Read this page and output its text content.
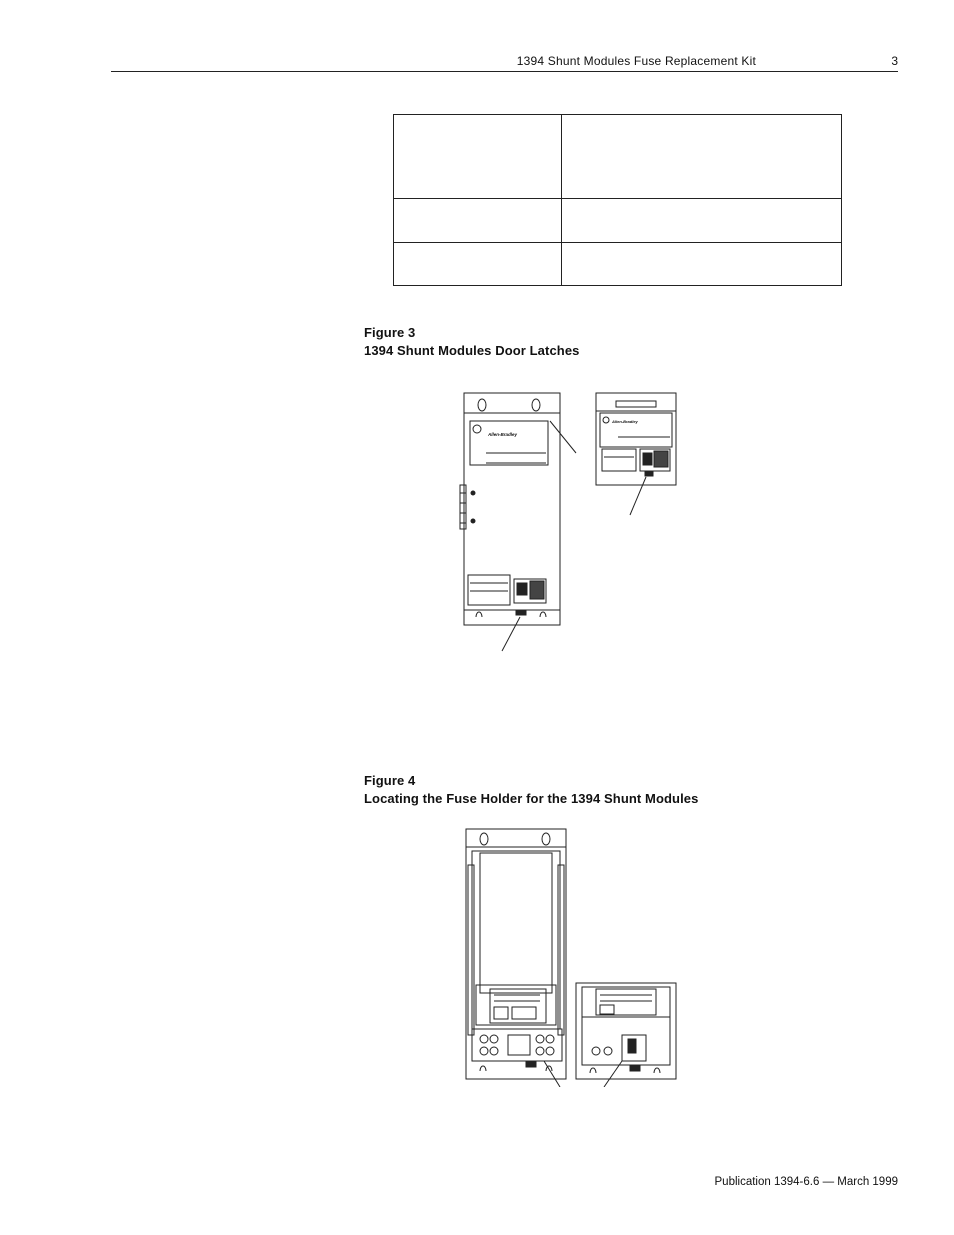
1394 Shunt Modules Fuse Replacement Kit	3

Figure 3
1394 Shunt Modules Door Latches
Allen-Bradley
Allen-Bradley
Figure 4
Locating the Fuse Holder for the 1394 Shunt Modules
Publication 1394-6.6 — March 1999
